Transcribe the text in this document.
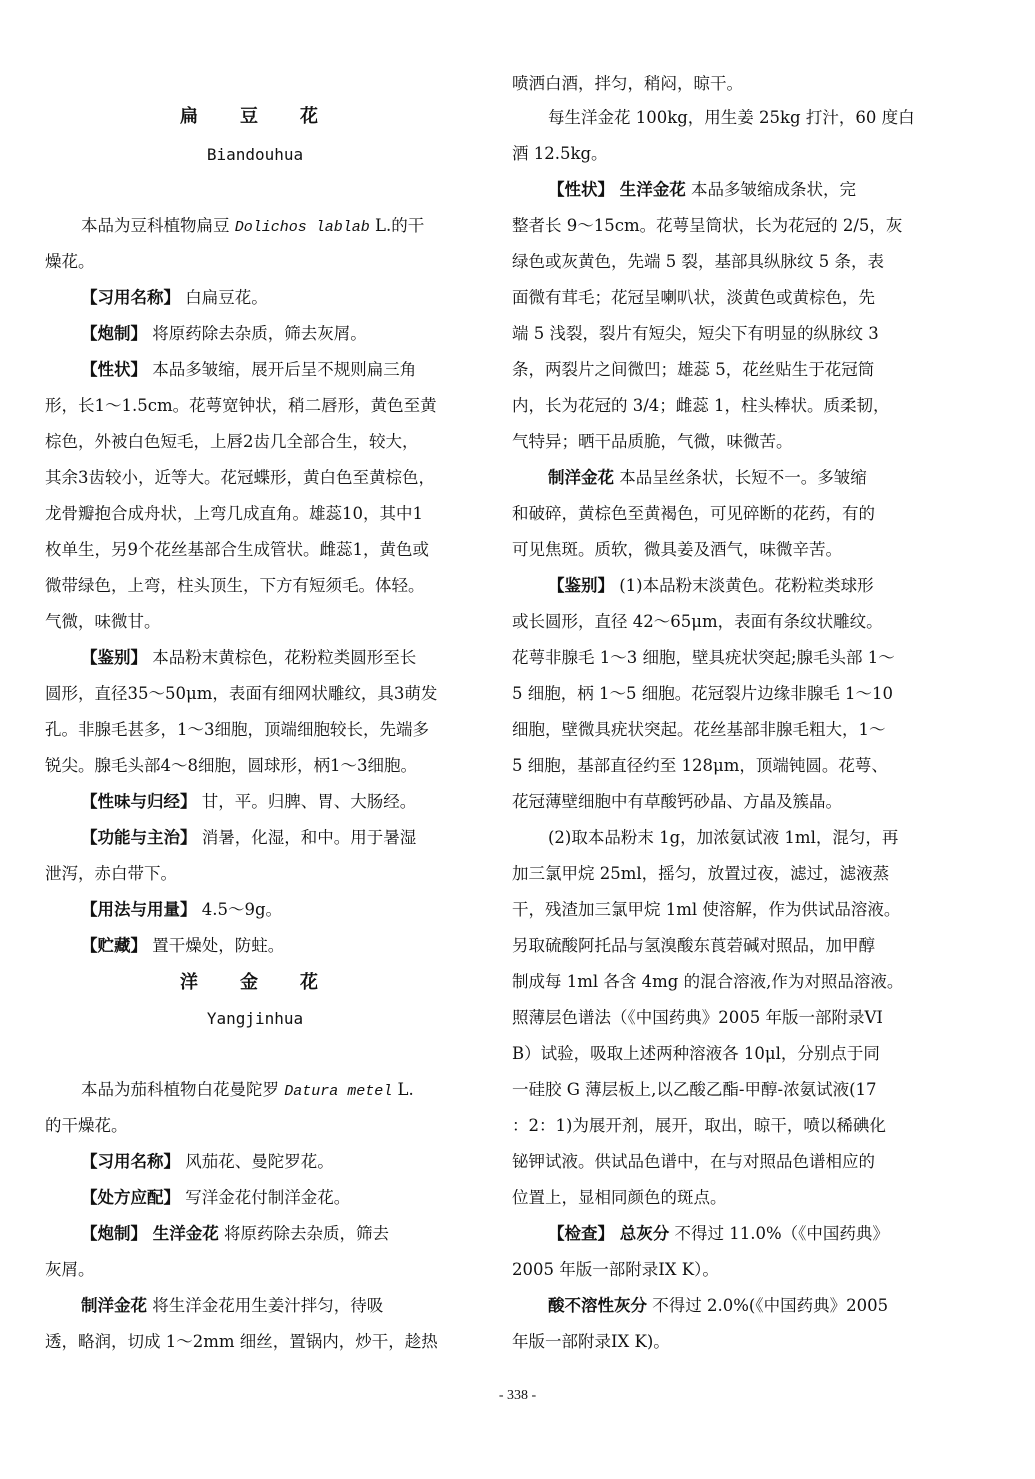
扁　豆　花
Biandouhua
本品为豆科植物扁豆 Dolichos lablab L.的干
燥花。
【习用名称】 白扁豆花。
【炮制】 将原药除去杂质，筛去灰屑。
【性状】 本品多皱缩，展开后呈不规则扁三角
形，长1～1.5cm。花萼宽钟状，稍二唇形，黄色至黄
棕色，外被白色短毛，上唇2齿几全部合生，较大，
其余3齿较小，近等大。花冠蝶形，黄白色至黄棕色，
龙骨瓣抱合成舟状，上弯几成直角。雄蕊10，其中1
枚单生，另9个花丝基部合生成管状。雌蕊1，黄色或
微带绿色，上弯，柱头顶生，下方有短须毛。体轻。
气微，味微甘。
【鉴别】 本品粉末黄棕色，花粉粒类圆形至长
圆形，直径35～50μm，表面有细网状雕纹，具3萌发
孔。非腺毛甚多，1～3细胞，顶端细胞较长，先端多
锐尖。腺毛头部4～8细胞，圆球形，柄1～3细胞。
【性味与归经】 甘，平。归脾、胃、大肠经。
【功能与主治】 消暑，化湿，和中。用于暑湿
泄泻，赤白带下。
【用法与用量】 4.5～9g。
【贮藏】 置干燥处，防蛀。
洋　金　花
Yangjinhua
本品为茄科植物白花曼陀罗 Datura metel L.
的干燥花。
【习用名称】 风茄花、曼陀罗花。
【处方应配】 写洋金花付制洋金花。
【炮制】 生洋金花 将原药除去杂质，筛去
灰屑。
制洋金花 将生洋金花用生姜汁拌匀，待吸
透，略润，切成 1～2mm 细丝，置锅内，炒干，趁热
喷洒白酒，拌匀，稍闷，晾干。
每生洋金花 100kg，用生姜 25kg 打汁，60 度白
酒 12.5kg。
【性状】 生洋金花 本品多皱缩成条状，完
整者长 9～15cm。花萼呈筒状，长为花冠的 2/5，灰
绿色或灰黄色，先端 5 裂，基部具纵脉纹 5 条，表
面微有茸毛；花冠呈喇叭状，淡黄色或黄棕色，先
端 5 浅裂，裂片有短尖，短尖下有明显的纵脉纹 3
条，两裂片之间微凹；雄蕊 5，花丝贴生于花冠筒
内，长为花冠的 3/4；雌蕊 1，柱头棒状。质柔韧，
气特异；晒干品质脆，气微，味微苦。
制洋金花 本品呈丝条状，长短不一。多皱缩
和破碎，黄棕色至黄褐色，可见碎断的花药，有的
可见焦斑。质软，微具姜及酒气，味微辛苦。
【鉴别】 (1)本品粉末淡黄色。花粉粒类球形
或长圆形，直径 42～65μm，表面有条纹状雕纹。
花萼非腺毛 1～3 细胞，壁具疣状突起;腺毛头部 1～
5 细胞，柄 1～5 细胞。花冠裂片边缘非腺毛 1～10
细胞，壁微具疣状突起。花丝基部非腺毛粗大，1～
5 细胞，基部直径约至 128μm，顶端钝圆。花萼、
花冠薄壁细胞中有草酸钙砂晶、方晶及簇晶。
(2)取本品粉末 1g，加浓氨试液 1ml，混匀，再
加三氯甲烷 25ml，摇匀，放置过夜，滤过，滤液蒸
干，残渣加三氯甲烷 1ml 使溶解，作为供试品溶液。
另取硫酸阿托品与氢溴酸东莨菪碱对照品，加甲醇
制成每 1ml 各含 4mg 的混合溶液,作为对照品溶液。
照薄层色谱法（《中国药典》2005 年版一部附录VI
B）试验，吸取上述两种溶液各 10μl，分别点于同
一硅胶 G 薄层板上,以乙酸乙酯-甲醇-浓氨试液(17
：2：1)为展开剂，展开，取出，晾干，喷以稀碘化
铋钾试液。供试品色谱中，在与对照品色谱相应的
位置上，显相同颜色的斑点。
【检查】 总灰分 不得过 11.0%（《中国药典》
2005 年版一部附录IX K）。
酸不溶性灰分 不得过 2.0%(《中国药典》2005
年版一部附录IX K)。
- 338 -
